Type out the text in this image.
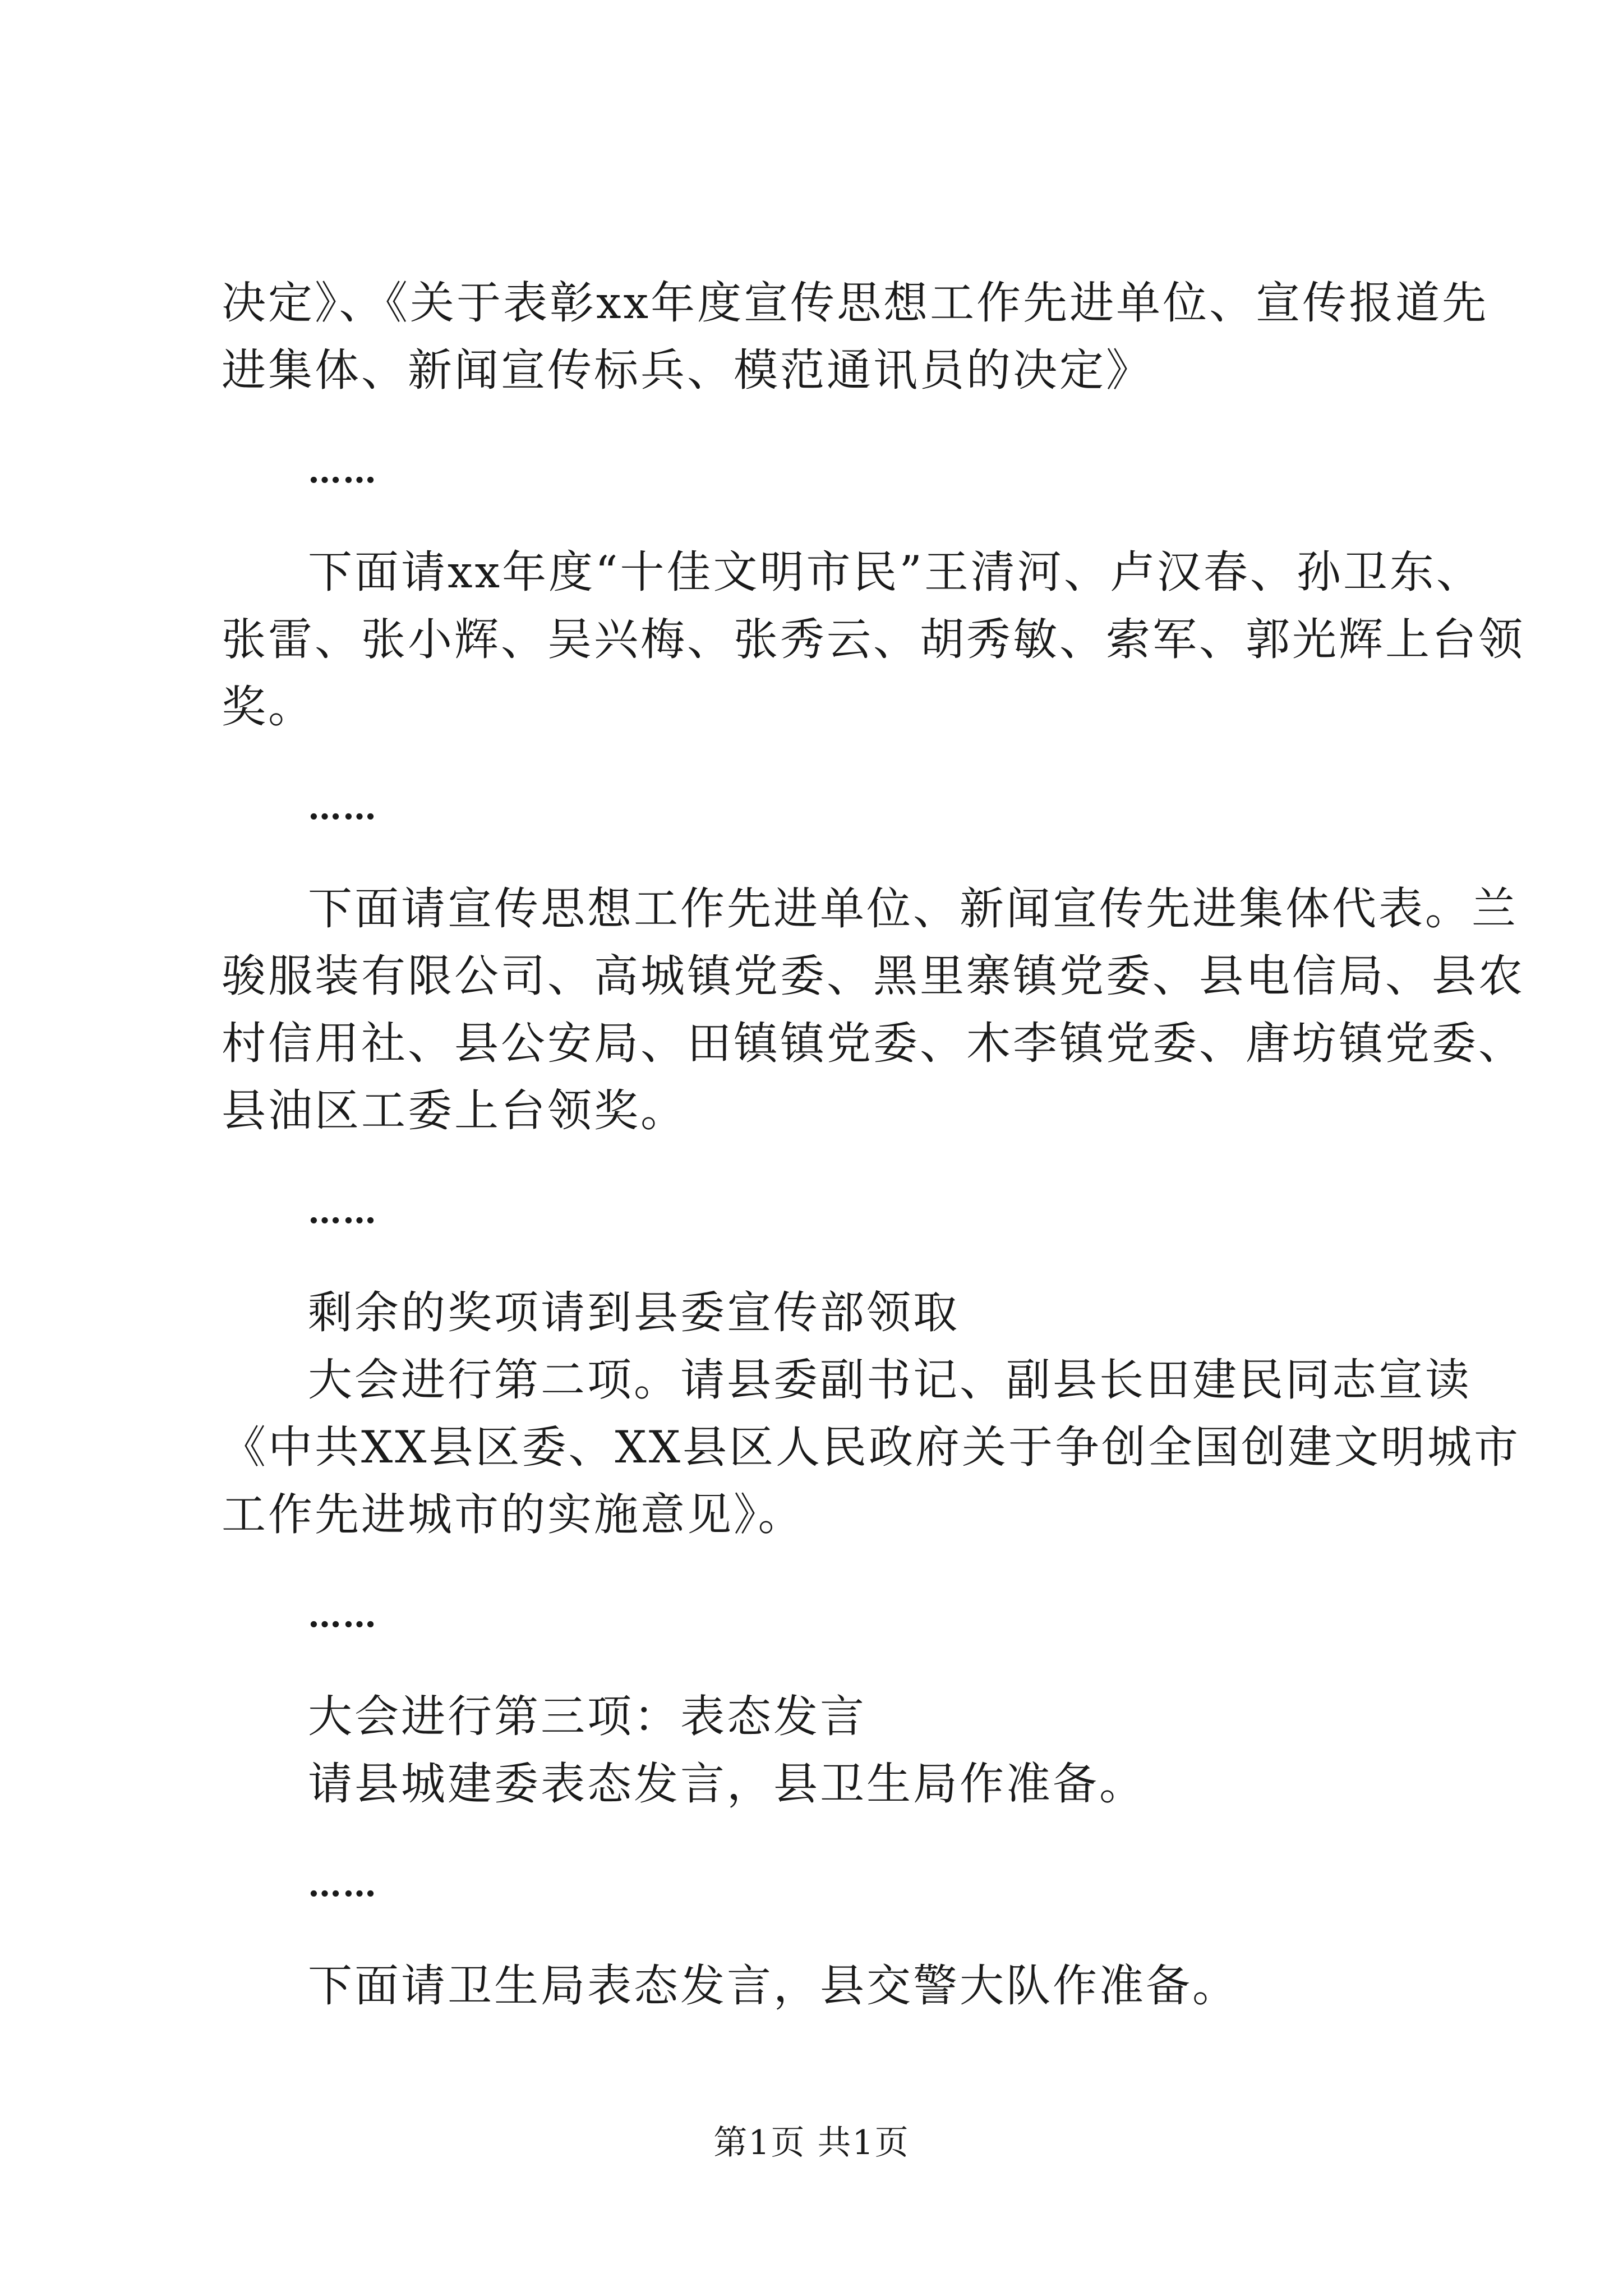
决定》、《关于表彰xx年度宣传思想工作先进单位、宣传报道先
进集体、新闻宣传标兵、模范通讯员的决定》
……
下面请xx年度“十佳文明市民”王清河、卢汉春、孙卫东、
张雷、张小辉、吴兴梅、张秀云、胡秀敏、索军、郭光辉上台领
奖。
……
下面请宣传思想工作先进单位、新闻宣传先进集体代表。兰
骏服装有限公司、高城镇党委、黑里寨镇党委、县电信局、县农
村信用社、县公安局、田镇镇党委、木李镇党委、唐坊镇党委、
县油区工委上台领奖。
……
剩余的奖项请到县委宣传部领取
大会进行第二项。请县委副书记、副县长田建民同志宣读
《中共XX县区委、XX县区人民政府关于争创全国创建文明城市
工作先进城市的实施意见》。
……
大会进行第三项：表态发言
请县城建委表态发言，县卫生局作准备。
……
下面请卫生局表态发言，县交警大队作准备。
第1页 共1页
